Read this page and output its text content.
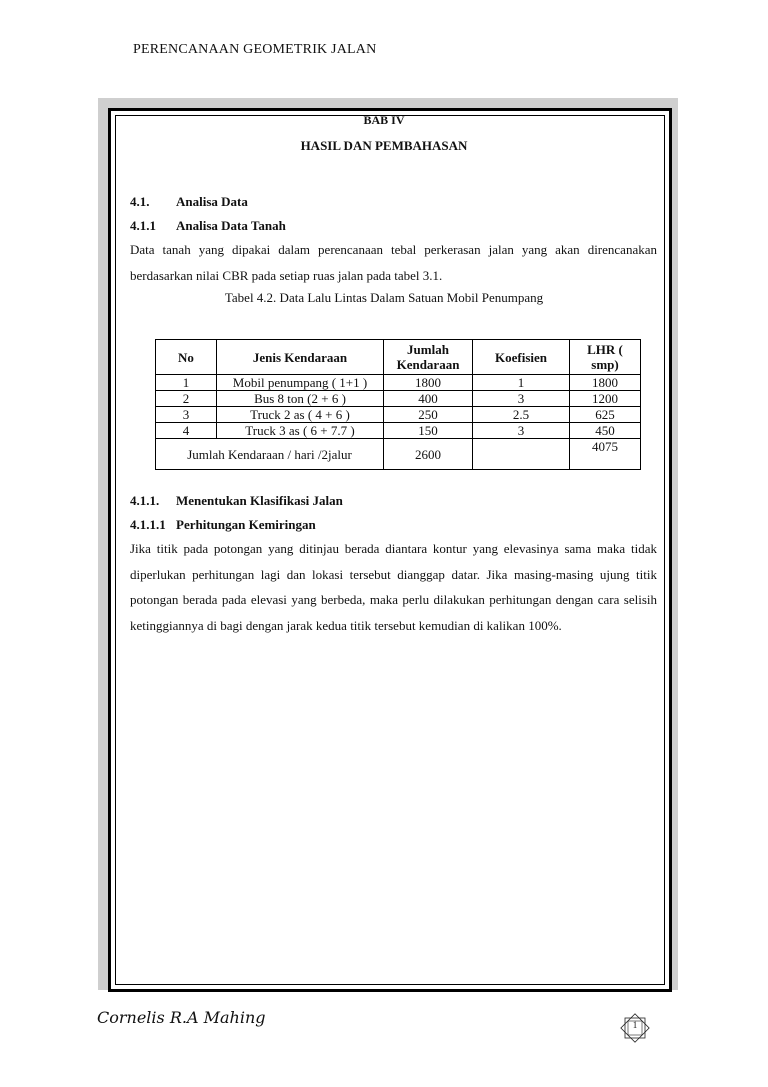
PERENCANAAN GEOMETRIK JALAN
BAB IV
HASIL DAN PEMBAHASAN
4.1. Analisa Data
4.1.1 Analisa Data Tanah
Data tanah yang dipakai dalam perencanaan tebal perkerasan jalan yang akan direncanakan berdasarkan nilai CBR pada setiap ruas jalan pada tabel 3.1.
Tabel 4.2. Data Lalu Lintas Dalam Satuan Mobil Penumpang
No	Jenis Kendaraan	Jumlah Kendaraan	Koefisien	LHR ( smp)
1	Mobil penumpang ( 1+1 )	1800	1	1800
2	Bus 8 ton (2 + 6 )	400	3	1200
3	Truck 2 as ( 4 + 6 )	250	2.5	625
4	Truck 3 as ( 6 + 7.7 )	150	3	450
Jumlah Kendaraan / hari /2jalur		2600		4075
4.1.1. Menentukan Klasifikasi Jalan
4.1.1.1 Perhitungan Kemiringan
Jika titik pada potongan yang ditinjau berada diantara kontur yang elevasinya sama maka tidak diperlukan perhitungan lagi dan lokasi tersebut dianggap datar. Jika masing-masing ujung titik potongan berada pada elevasi yang berbeda, maka perlu dilakukan perhitungan dengan cara selisih ketinggiannya di bagi dengan jarak kedua titik tersebut kemudian di kalikan 100%.
Cornelis R.A Mahing	1
